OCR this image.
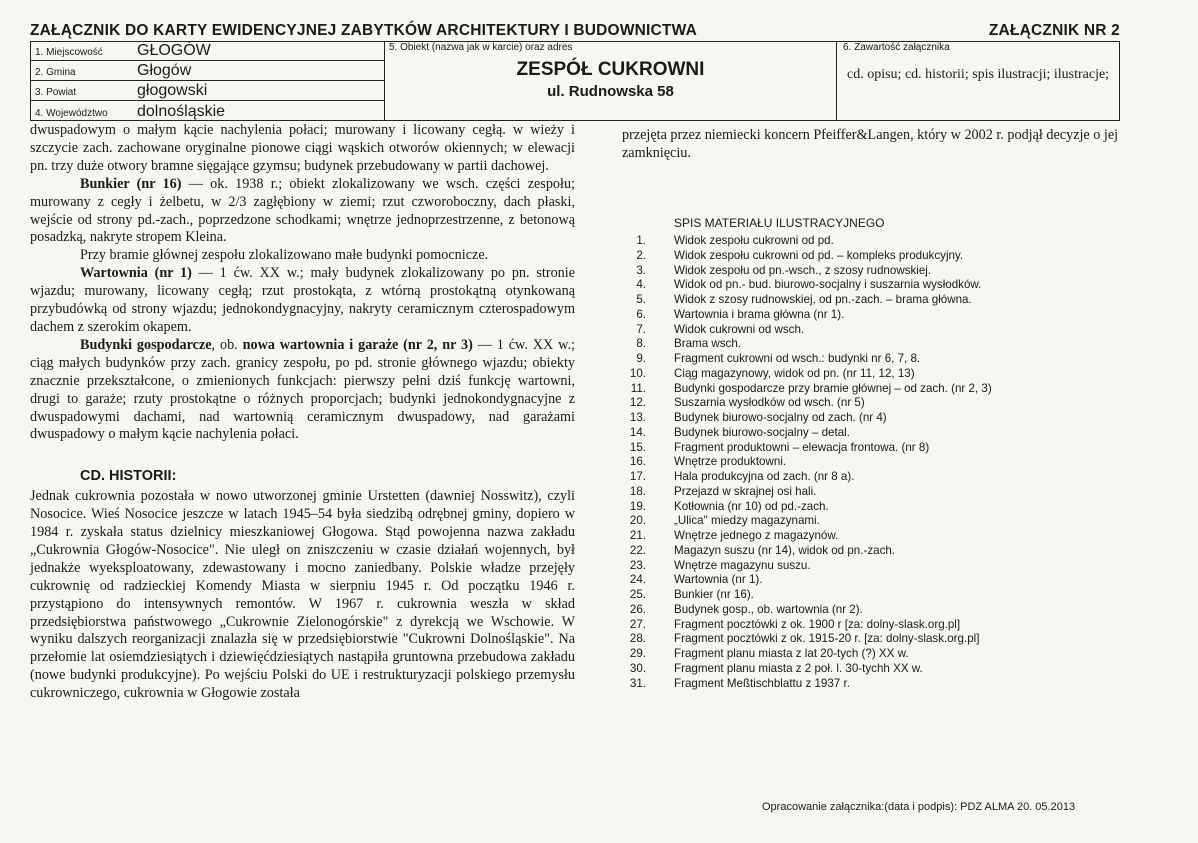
ZAŁĄCZNIK DO KARTY EWIDENCYJNEJ ZABYTKÓW ARCHITEKTURY I BUDOWNICTWA	ZAŁĄCZNIK NR 2
1. Miejscowość GŁOGÓW
2. Gmina	Głogów
3. Powiat	głogowski
4. Województwo dolnośląskie
5. Obiekt (nazwa jak w karcie) oraz adres
ZESPÓŁ CUKROWNI
ul. Rudnowska 58
6. Zawartość załącznika
cd. opisu; cd. historii; spis ilustracji; ilustracje;

dwuspadowym o małym kącie nachylenia połaci; murowany i licowany cegłą. w wieży i szczycie zach. zachowane oryginalne pionowe ciągi wąskich otworów okiennych; w elewacji pn. trzy duże otwory bramne sięgające gzymsu; budynek przebudowany w partii dachowej.

Bunkier (nr 16) — ok. 1938 r.; obiekt zlokalizowany we wsch. części zespołu; murowany z cegły i żelbetu, w 2/3 zagłębiony w ziemi; rzut czworoboczny, dach płaski, wejście od strony pd.-zach., poprzedzone schodkami; wnętrze jednoprzestrzenne, z betonową posadzką, nakryte stropem Kleina.

Przy bramie głównej zespołu zlokalizowano małe budynki pomocnicze.

Wartownia (nr 1) — 1 ćw. XX w.; mały budynek zlokalizowany po pn. stronie wjazdu; murowany, licowany cegłą; rzut prostokąta, z wtórną prostokątną otynkowaną przybudówką od strony wjazdu; jednokondygnacyjny, nakryty ceramicznym czterospadowym dachem z szerokim okapem.

Budynki gospodarcze, ob. nowa wartownia i garaże (nr 2, nr 3) — 1 ćw. XX w.; ciąg małych budynków przy zach. granicy zespołu, po pd. stronie głównego wjazdu; obiekty znacznie przekształcone, o zmienionych funkcjach: pierwszy pełni dziś funkcję wartowni, drugi to garaże; rzuty prostokątne o różnych proporcjach; budynki jednokondygnacyjne z dwuspadowymi dachami, nad wartownią ceramicznym dwuspadowy, nad garażami dwuspadowy o małym kącie nachylenia połaci.

CD. HISTORII:

Jednak cukrownia pozostała w nowo utworzonej gminie Urstetten (dawniej Nosswitz), czyli Nosocice. Wieś Nosocice jeszcze w latach 1945–54 była siedzibą odrębnej gminy, dopiero w 1984 r. zyskała status dzielnicy mieszkaniowej Głogowa. Stąd powojenna nazwa zakładu „Cukrownia Głogów-Nosocice". Nie uległ on zniszczeniu w czasie działań wojennych, był jednakże wyeksploatowany, zdewastowany i mocno zaniedbany. Polskie władze przejęły cukrownię od radzieckiej Komendy Miasta w sierpniu 1945 r. Od początku 1946 r. przystąpiono do intensywnych remontów. W 1967 r. cukrownia weszła w skład przedsiębiorstwa państwowego „Cukrownie Zielonogórskie" z dyrekcją we Wschowie. W wyniku dalszych reorganizacji znalazła się w przedsiębiorstwie "Cukrowni Dolnośląskie". Na przełomie lat osiemdziesiątych i dziewięćdziesiątych nastąpiła gruntowna przebudowa zakładu (nowe budynki produkcyjne). Po wejściu Polski do UE i restrukturyzacji polskiego przemysłu cukrowniczego, cukrownia w Głogowie została

przejęta przez niemiecki koncern Pfeiffer&Langen, który w 2002 r. podjął decyzje o jej zamknięciu.

SPIS MATERIAŁU ILUSTRACYJNEGO
1. Widok zespołu cukrowni od pd.
2. Widok zespołu cukrowni od pd. – kompleks produkcyjny.
3. Widok zespołu od pn.-wsch., z szosy rudnowskiej.
4. Widok od pn.- bud. biurowo-socjalny i suszarnia wysłodków.
5. Widok z szosy rudnowskiej, od pn.-zach. – brama główna.
6. Wartownia i brama główna (nr 1).
7. Widok cukrowni od wsch.
8. Brama wsch.
9. Fragment cukrowni od wsch.: budynki nr 6, 7, 8.
10. Ciąg magazynowy, widok od pn. (nr 11, 12, 13)
11. Budynki gospodarcze przy bramie głównej – od zach. (nr 2, 3)
12. Suszarnia wysłodków od wsch. (nr 5)
13. Budynek biurowo-socjalny od zach. (nr 4)
14. Budynek biurowo-socjalny – detal.
15. Fragment produktowni – elewacja frontowa. (nr 8)
16. Wnętrze produktowni.
17. Hala produkcyjna od zach. (nr 8 a).
18. Przejazd w skrajnej osi hali.
19. Kotłownia (nr 10) od pd.-zach.
20. „Ulica" miedzy magazynami.
21. Wnętrze jednego z magazynów.
22. Magazyn suszu (nr 14), widok od pn.-zach.
23. Wnętrze magazynu suszu.
24. Wartownia (nr 1).
25. Bunkier (nr 16).
26. Budynek gosp., ob. wartownia (nr 2).
27. Fragment pocztówki z ok. 1900 r [za: dolny-slask.org.pl]
28. Fragment pocztówki z ok. 1915-20 r. [za: dolny-slask.org.pl]
29. Fragment planu miasta z lat 20-tych (?) XX w.
30. Fragment planu miasta z 2 poł. l. 30-tychh XX w.
31. Fragment Meßtischblattu z 1937 r.
Opracowanie załącznika:(data i podpis): PDZ ALMA 20. 05.2013
